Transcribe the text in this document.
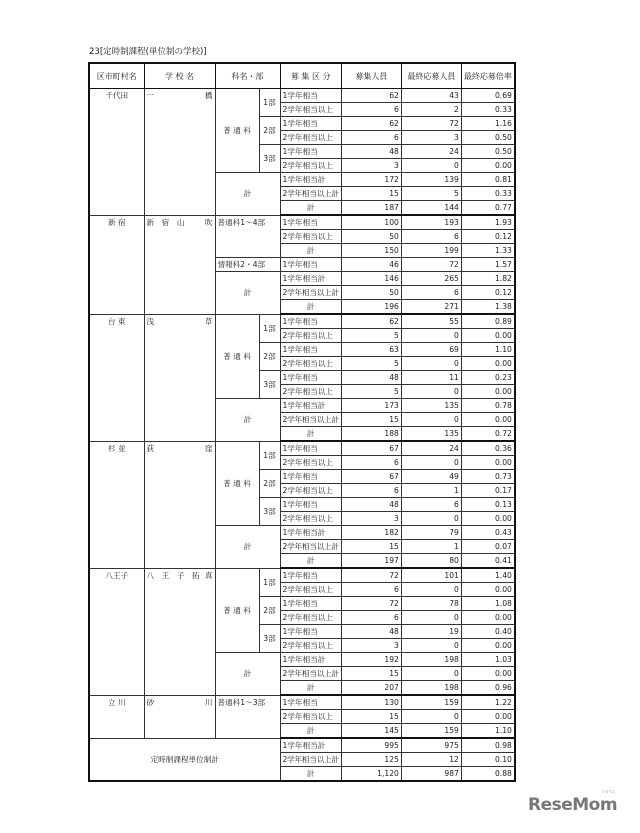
23[定時制課程(単位制の学校)]
区市町村名	学 校 名	科名・部		募 集 区 分	募集人員	最終応募人員	最終応募倍率
千代田	一 橋	普 通 科	1部	1学年相当	62	43	0.69
				2学年相当以上	6	2	0.33
			2部	1学年相当	62	72	1.16
				2学年相当以上	6	3	0.50
			3部	1学年相当	48	24	0.50
				2学年相当以上	3	0	0.00
		計		1学年相当計	172	139	0.81
				2学年相当以上計	15	5	0.33
				計	187	144	0.77
新 宿	新　宿　山 吹	普通科1～4部		1学年相当	100	193	1.93
				2学年相当以上	50	6	0.12
				計	150	199	1.33
		情報科2・4部		1学年相当	46	72	1.57
		計		1学年相当計	146	265	1.82
				2学年相当以上計	50	6	0.12
				計	196	271	1.38
台 東	浅 草	普 通 科	1部	1学年相当	62	55	0.89
				2学年相当以上	5	0	0.00
			2部	1学年相当	63	69	1.10
				2学年相当以上	5	0	0.00
			3部	1学年相当	48	11	0.23
				2学年相当以上	5	0	0.00
		計		1学年相当計	173	135	0.78
				2学年相当以上計	15	0	0.00
				計	188	135	0.72
杉 並	荻 窪	普 通 科	1部	1学年相当	67	24	0.36
				2学年相当以上	6	0	0.00
			2部	1学年相当	67	49	0.73
				2学年相当以上	6	1	0.17
			3部	1学年相当	48	6	0.13
				2学年相当以上	3	0	0.00
		計		1学年相当計	182	79	0.43
				2学年相当以上計	15	1	0.07
				計	197	80	0.41
八王子	八　王　子　拓 真	普 通 科	1部	1学年相当	72	101	1.40
				2学年相当以上	6	0	0.00
			2部	1学年相当	72	78	1.08
				2学年相当以上	6	0	0.00
			3部	1学年相当	48	19	0.40
				2学年相当以上	3	0	0.00
		計		1学年相当計	192	198	1.03
				2学年相当以上計	15	0	0.00
				計	207	198	0.96
立 川	砂 川	普通科1～3部		1学年相当	130	159	1.22
				2学年相当以上	15	0	0.00
				計	145	159	1.10
定時制課程単位制計				1学年相当計	995	975	0.98
				2学年相当以上計	125	12	0.10
				計	1,120	987	0.88
リセマム
ReseMom
